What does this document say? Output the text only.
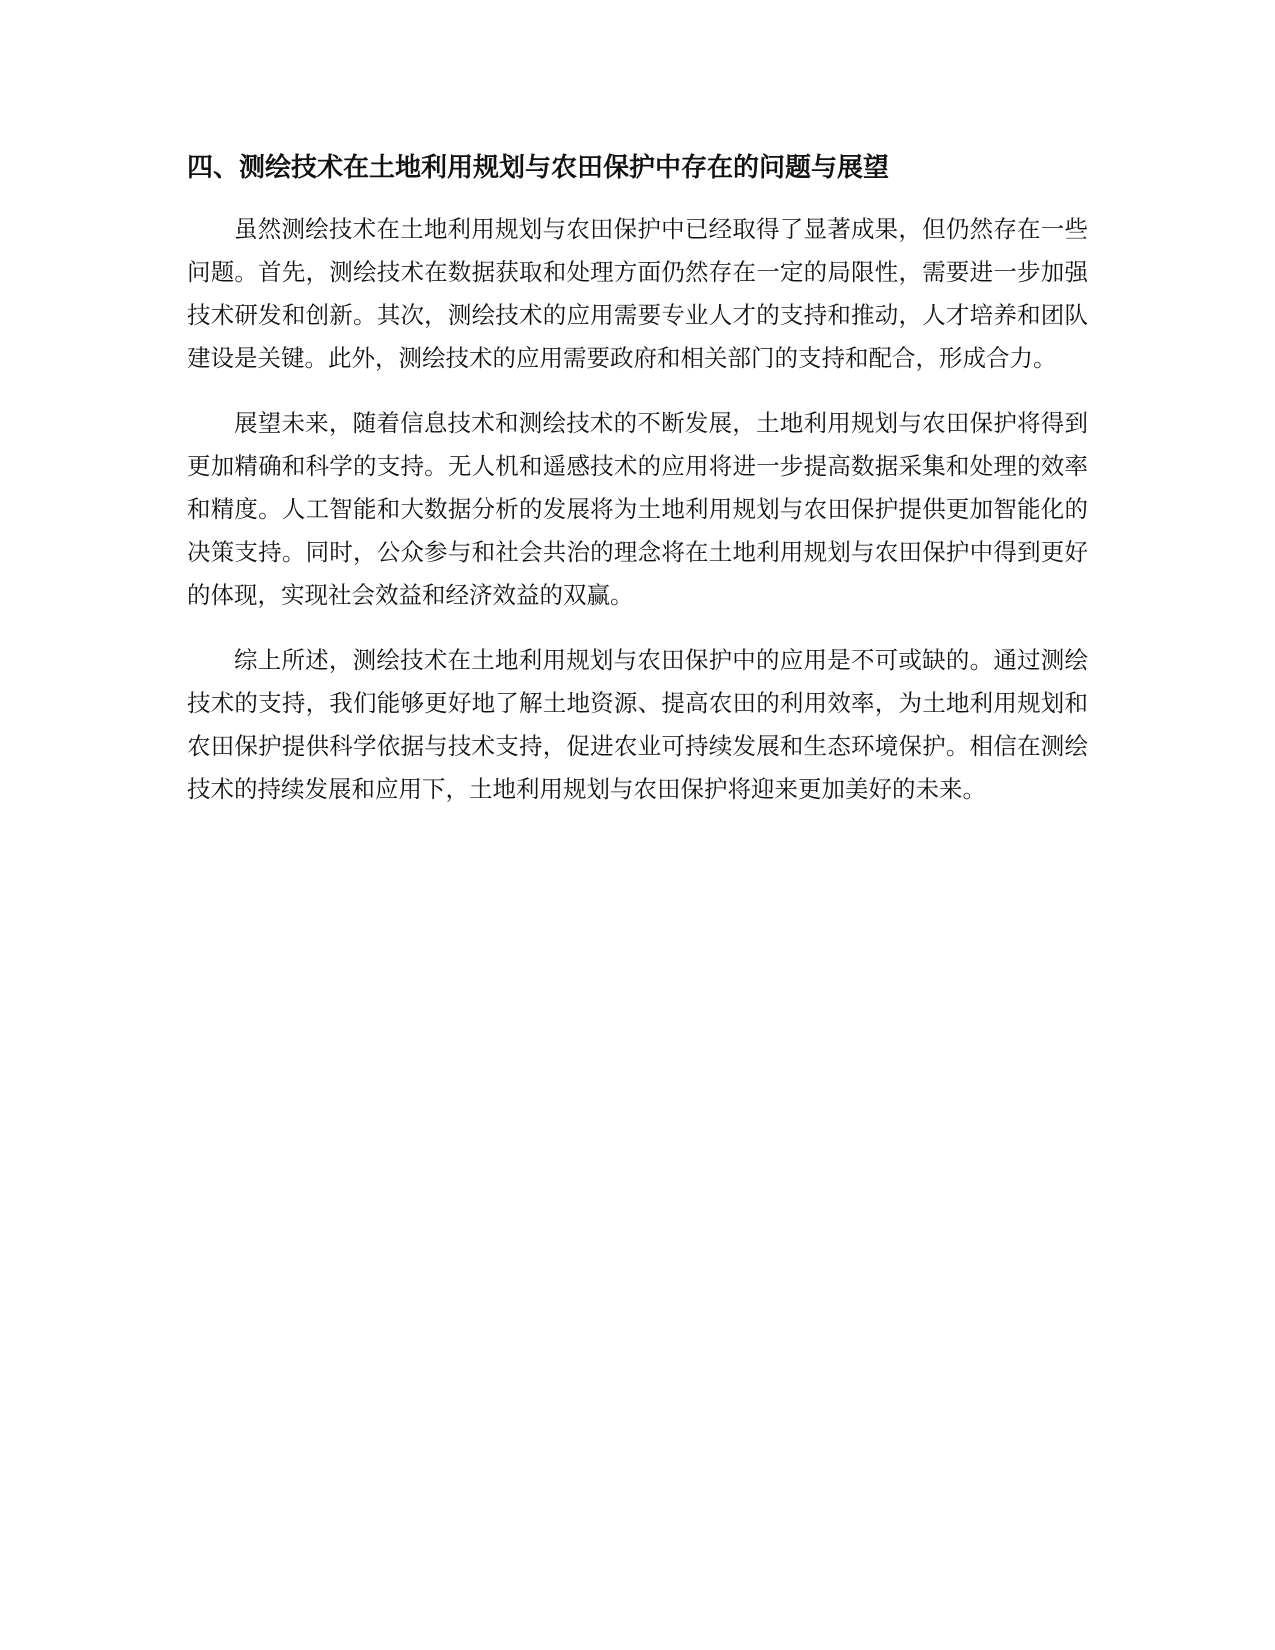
四、测绘技术在土地利用规划与农田保护中存在的问题与展望

虽然测绘技术在土地利用规划与农田保护中已经取得了显著成果，但仍然存在一些问题。首先，测绘技术在数据获取和处理方面仍然存在一定的局限性，需要进一步加强技术研发和创新。其次，测绘技术的应用需要专业人才的支持和推动，人才培养和团队建设是关键。此外，测绘技术的应用需要政府和相关部门的支持和配合，形成合力。

展望未来，随着信息技术和测绘技术的不断发展，土地利用规划与农田保护将得到更加精确和科学的支持。无人机和遥感技术的应用将进一步提高数据采集和处理的效率和精度。人工智能和大数据分析的发展将为土地利用规划与农田保护提供更加智能化的决策支持。同时，公众参与和社会共治的理念将在土地利用规划与农田保护中得到更好的体现，实现社会效益和经济效益的双赢。

综上所述，测绘技术在土地利用规划与农田保护中的应用是不可或缺的。通过测绘技术的支持，我们能够更好地了解土地资源、提高农田的利用效率，为土地利用规划和农田保护提供科学依据与技术支持，促进农业可持续发展和生态环境保护。相信在测绘技术的持续发展和应用下，土地利用规划与农田保护将迎来更加美好的未来。
